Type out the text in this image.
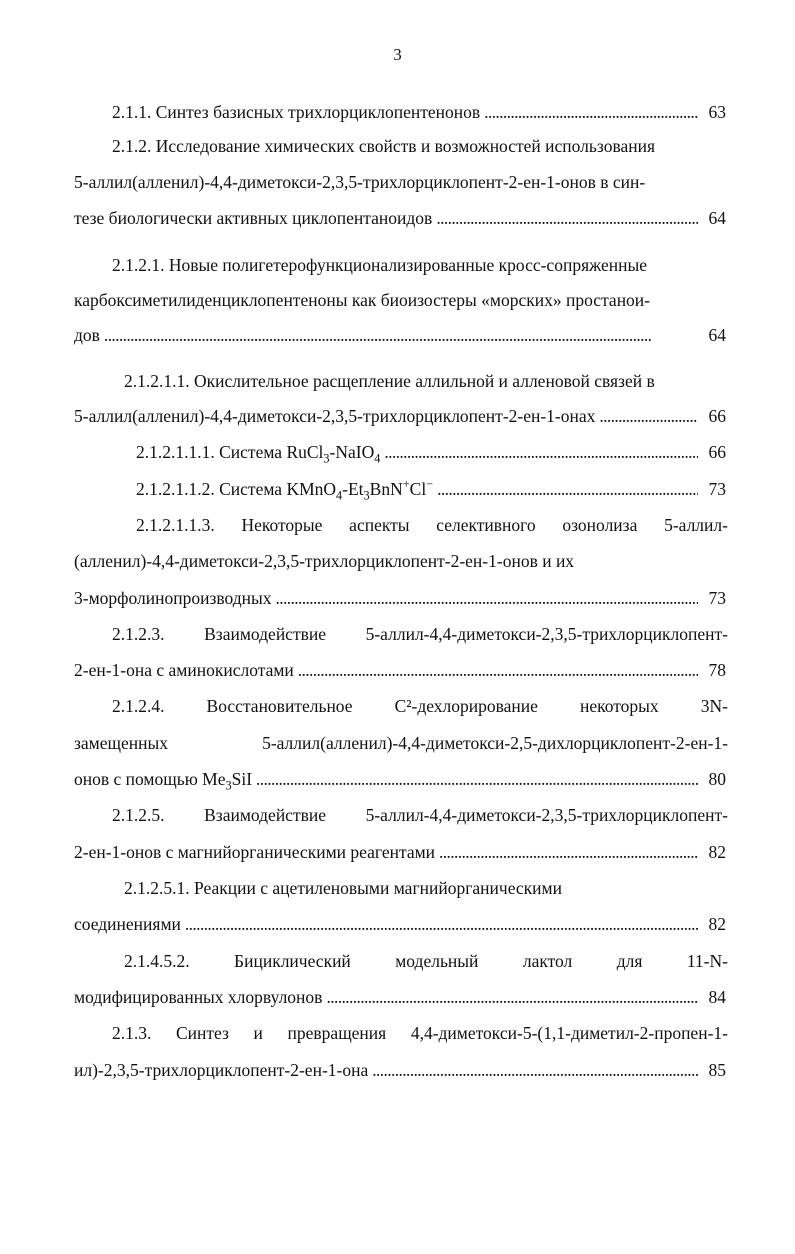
3
2.1.1. Синтез базисных трихлорциклопентенонов . . .	63
2.1.2. Исследование химических свойств и возможностей использования
5-аллил(алленил)-4,4-диметокси-2,3,5-трихлорциклопент-2-ен-1-онов в син-
тезе биологически активных циклопентаноидов . . .	64
2.1.2.1. Новые полигетерофункционализированные кросс-сопряженные
карбоксиметилиденциклопентеноны как биоизостеры «морских» простанои-
дов . . .	64
2.1.2.1.1. Окислительное расщепление аллильной и алленовой связей в
5-аллил(алленил)-4,4-диметокси-2,3,5-трихлорциклопент-2-ен-1-онах . . .	66
2.1.2.1.1.1. Система RuCl$_3$-NaIO$_4$ . . .	66
2.1.2.1.1.2. Система $KMnO_4-Et_3BnN^+Cl^-$ . . .	73
2.1.2.1.1.3. Некоторые аспекты селективного озонолиза 5-аллил-
(алленил)-4,4-диметокси-2,3,5-трихлорциклопент-2-ен-1-онов и их
3-морфолинопроизводных . . .	73
2.1.2.3. Взаимодействие 5-аллил-4,4-диметокси-2,3,5-трихлорциклопент-
2-ен-1-она с аминокислотами . . .	78
2.1.2.4. Восстановительное C²-дехлорирование некоторых 3N-
замещенных	5-аллил(алленил)-4,4-диметокси-2,5-дихлорциклопент-2-ен-1-
онов с помощью $Me_3SiI$ . . .	80
2.1.2.5. Взаимодействие 5-аллил-4,4-диметокси-2,3,5-трихлорциклопент-
2-ен-1-онов с магнийорганическими реагентами . . .	82
2.1.2.5.1. Реакции с ацетиленовыми магнийорганическими
соединениями . . .	82
2.1.4.5.2.	Бициклический	модельный	лактол	для	11-N-
модифицированных хлорвулонов . . .	84
2.1.3. Синтез и превращения 4,4-диметокси-5-(1,1-диметил-2-пропен-1-
ил)-2,3,5-трихлорциклопент-2-ен-1-она . . .	85
